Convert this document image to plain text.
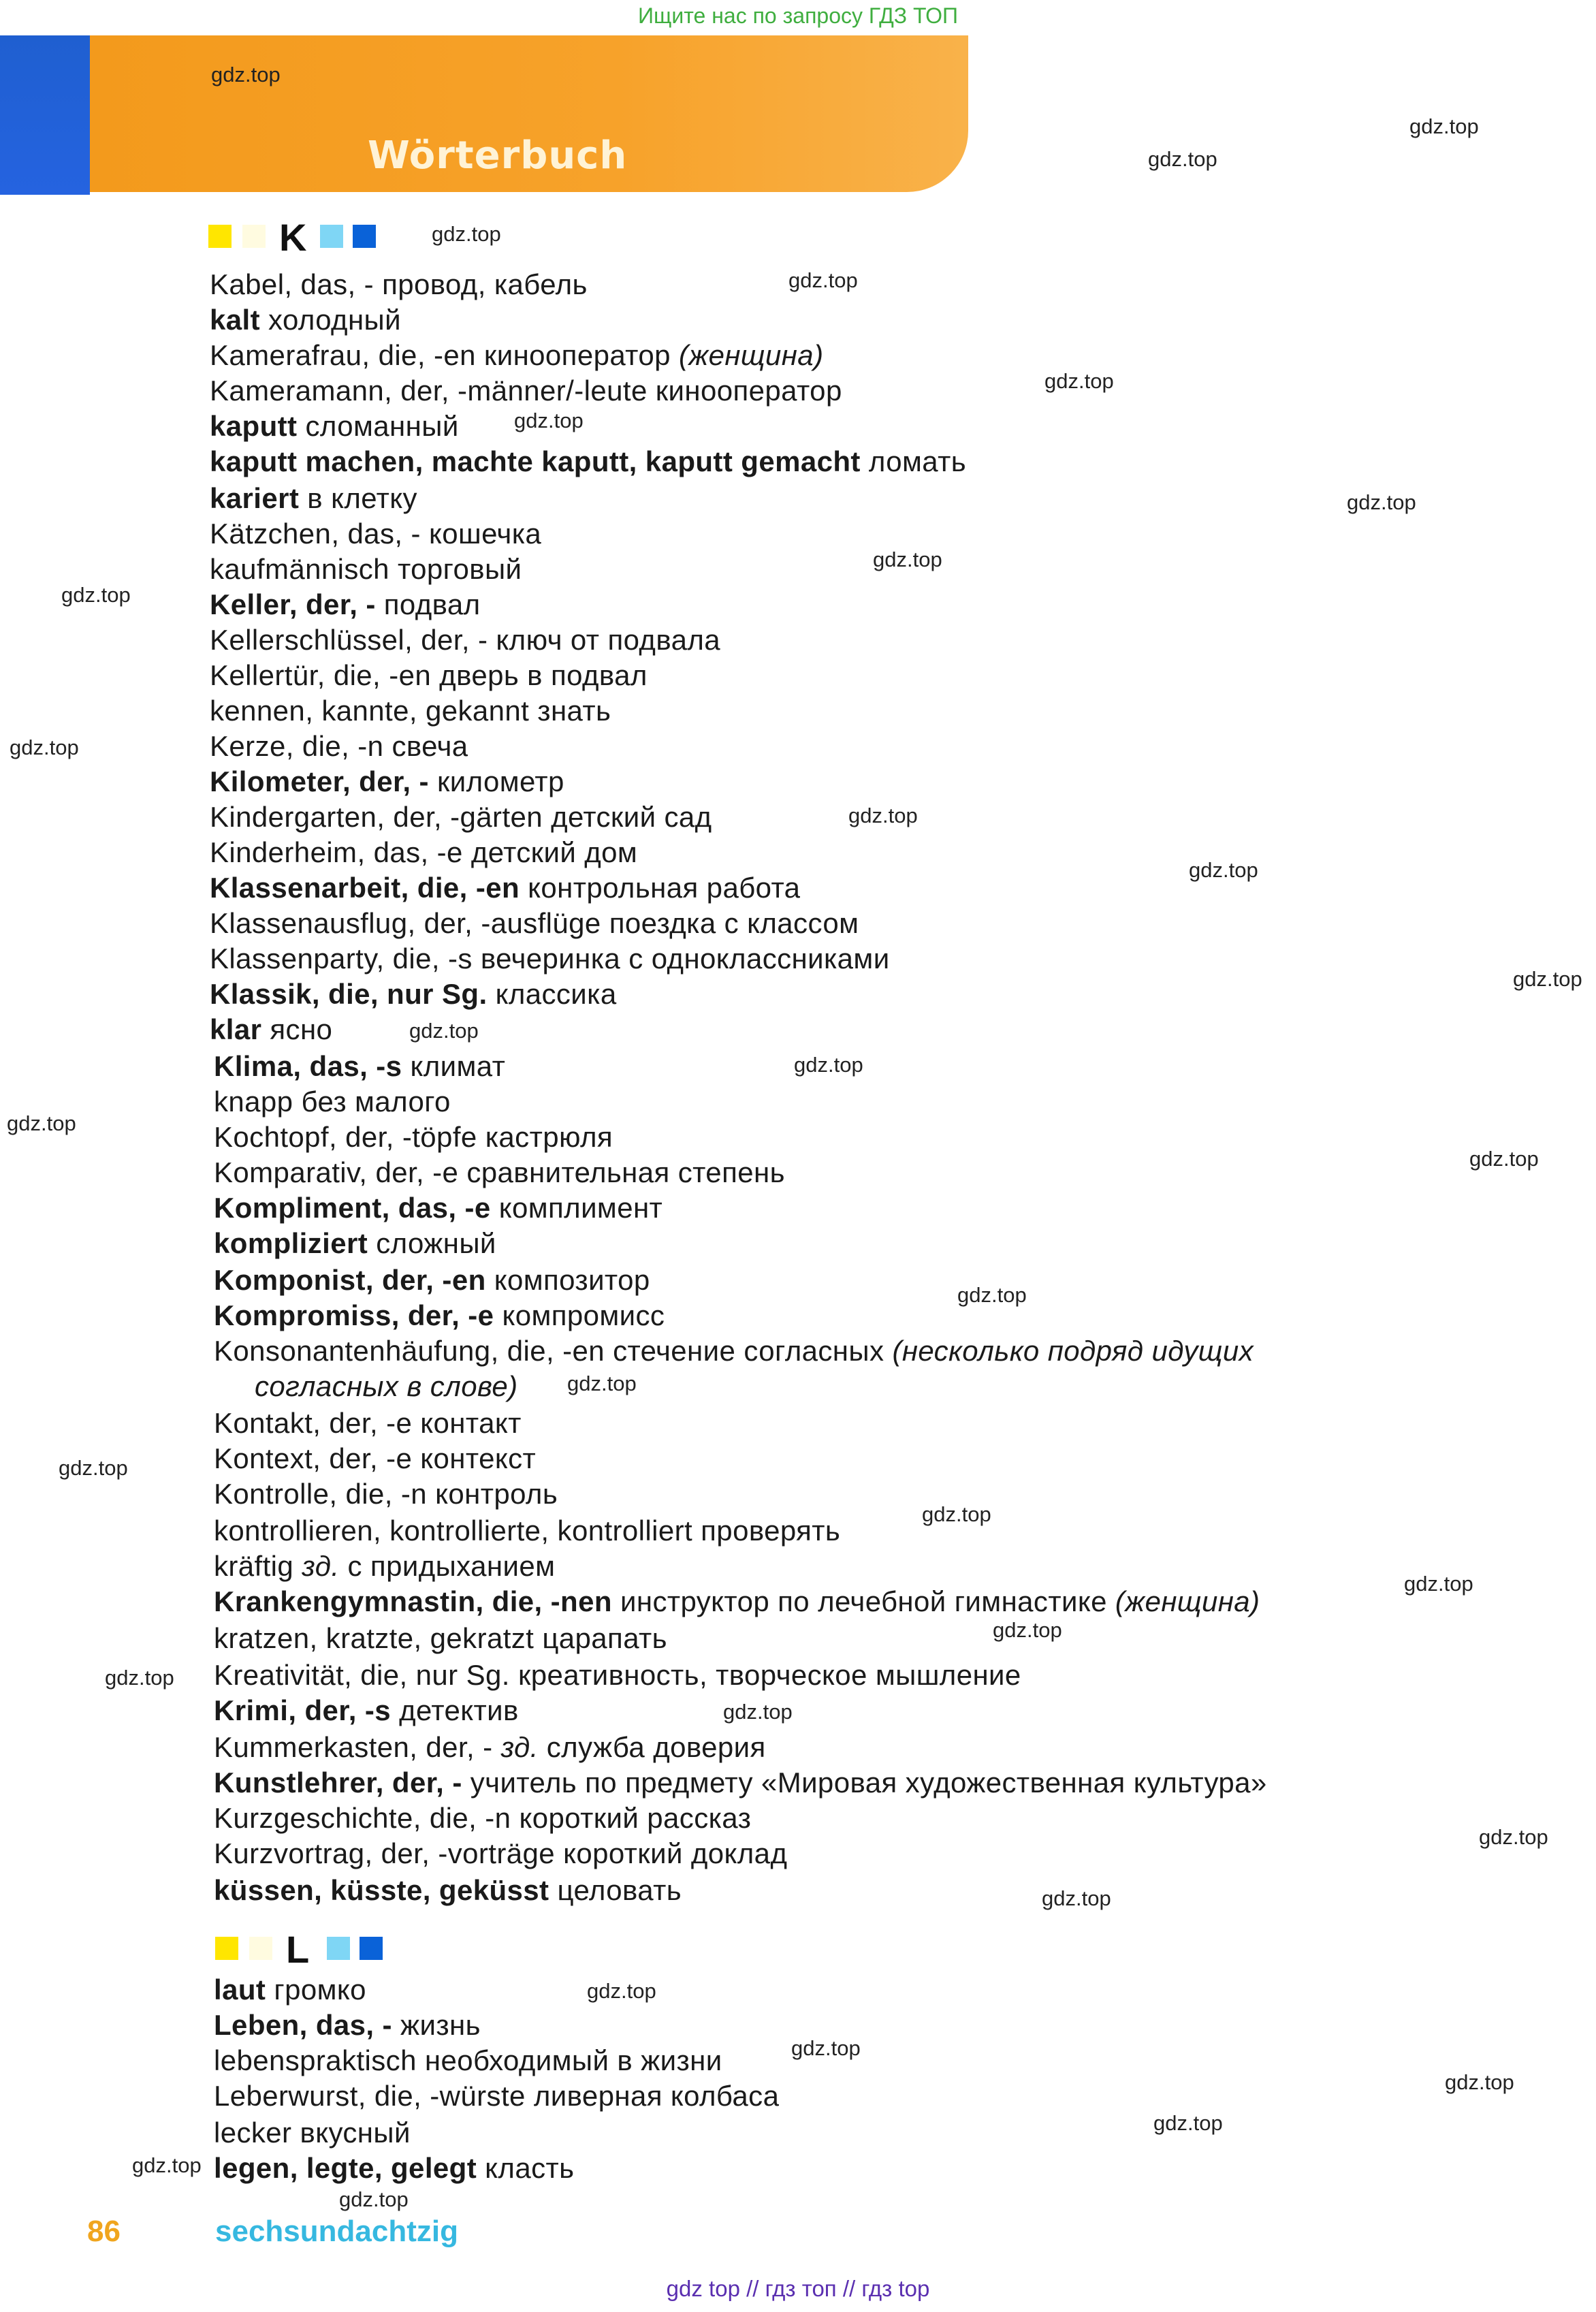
Ищите нас по запросу ГДЗ ТОП
Wörterbuch
K
L
Kabel, das, - провод, кабель
kalt холодный
Kamerafrau, die, -en кинооператор (женщина)
Kameramann, der, -männer/-leute кинооператор
kaputt сломанный
kaputt machen, machte kaputt, kaputt gemacht ломать
kariert в клетку
Kätzchen, das, - кошечка
kaufmännisch торговый
Keller, der, - подвал
Kellerschlüssel, der, - ключ от подвала
Kellertür, die, -en дверь в подвал
kennen, kannte, gekannt знать
Kerze, die, -n свеча
Kilometer, der, - километр
Kindergarten, der, -gärten детский сад
Kinderheim, das, -e детский дом
Klassenarbeit, die, -en контрольная работа
Klassenausflug, der, -ausflüge поездка с классом
Klassenparty, die, -s вечеринка с одноклассниками
Klassik, die, nur Sg. классика
klar ясно
Klima, das, -s климат
knapp без малого
Kochtopf, der, -töpfe кастрюля
Komparativ, der, -e сравнительная степень
Kompliment, das, -e комплимент
kompliziert сложный
Komponist, der, -en композитор
Kompromiss, der, -e компромисс
Konsonantenhäufung, die, -en стечение согласных (несколько подряд идущих
согласных в слове)
Kontakt, der, -e контакт
Kontext, der, -e контекст
Kontrolle, die, -n контроль
kontrollieren, kontrollierte, kontrolliert проверять
kräftig зд. с придыханием
Krankengymnastin, die, -nen инструктор по лечебной гимнастике (женщина)
kratzen, kratzte, gekratzt царапать
Kreativität, die, nur Sg. креативность, творческое мышление
Krimi, der, -s детектив
Kummerkasten, der, - зд. служба доверия
Kunstlehrer, der, - учитель по предмету «Мировая художественная культура»
Kurzgeschichte, die, -n короткий рассказ
Kurzvortrag, der, -vorträge короткий доклад
küssen, küsste, geküsst целовать
laut громко
Leben, das, - жизнь
lebenspraktisch необходимый в жизни
Leberwurst, die, -würste ливерная колбаса
lecker вкусный
legen, legte, gelegt класть
gdz.top
gdz.top
gdz.top
gdz.top
gdz.top
gdz.top
gdz.top
gdz.top
gdz.top
gdz.top
gdz.top
gdz.top
gdz.top
gdz.top
gdz.top
gdz.top
gdz.top
gdz.top
gdz.top
gdz.top
gdz.top
gdz.top
gdz.top
gdz.top
gdz.top
gdz.top
gdz.top
gdz.top
gdz.top
gdz.top
gdz.top
gdz.top
gdz.top
gdz.top
86	sechsundachtzig
gdz top // гдз топ // гдз top
